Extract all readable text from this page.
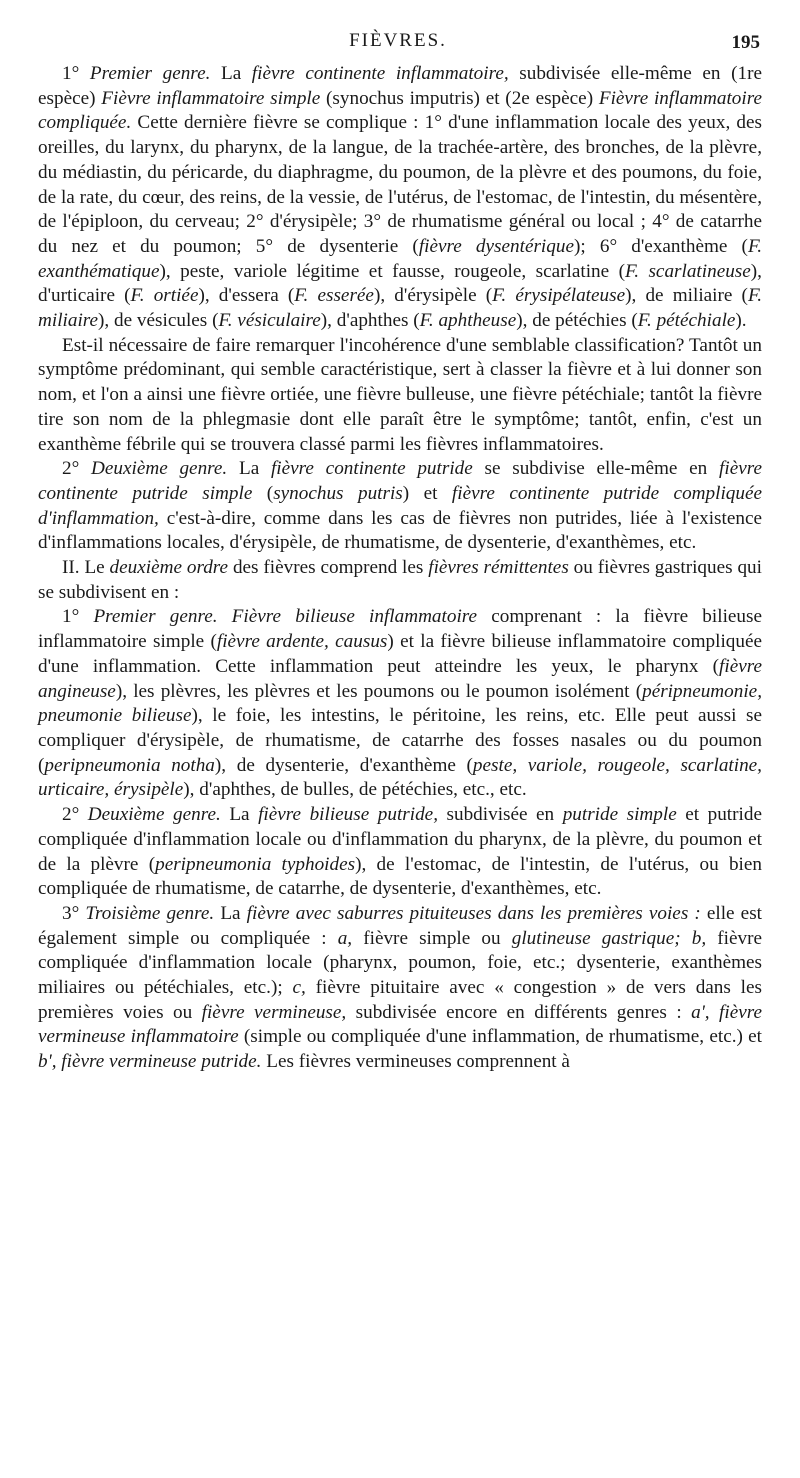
FIÈVRES.	195

1° Premier genre. La fièvre continente inflammatoire, subdivisée elle-même en (1re espèce) Fièvre inflammatoire simple (synochus imputris) et (2e espèce) Fièvre inflammatoire compliquée. Cette dernière fièvre se complique : 1° d'une inflammation locale des yeux, des oreilles, du larynx, du pharynx, de la langue, de la trachée-artère, des bronches, de la plèvre, du médiastin, du péricarde, du diaphragme, du poumon, de la plèvre et des poumons, du foie, de la rate, du cœur, des reins, de la vessie, de l'utérus, de l'estomac, de l'intestin, du mésentère, de l'épiploon, du cerveau; 2° d'érysipèle; 3° de rhumatisme général ou local ; 4° de catarrhe du nez et du poumon; 5° de dysenterie (fièvre dysentérique); 6° d'exanthème (F. exanthématique), peste, variole légitime et fausse, rougeole, scarlatine (F. scarlatineuse), d'urticaire (F. ortiée), d'essera (F. esserée), d'érysipèle (F. érysipélateuse), de miliaire (F. miliaire), de vésicules (F. vésiculaire), d'aphthes (F. aphtheuse), de pétéchies (F. pétéchiale).

Est-il nécessaire de faire remarquer l'incohérence d'une semblable classification? Tantôt un symptôme prédominant, qui semble caractéristique, sert à classer la fièvre et à lui donner son nom, et l'on a ainsi une fièvre ortiée, une fièvre bulleuse, une fièvre pétéchiale; tantôt la fièvre tire son nom de la phlegmasie dont elle paraît être le symptôme; tantôt, enfin, c'est un exanthème fébrile qui se trouvera classé parmi les fièvres inflammatoires.

2° Deuxième genre. La fièvre continente putride se subdivise elle-même en fièvre continente putride simple (synochus putris) et fièvre continente putride compliquée d'inflammation, c'est-à-dire, comme dans les cas de fièvres non putrides, liée à l'existence d'inflammations locales, d'érysipèle, de rhumatisme, de dysenterie, d'exanthèmes, etc.

II. Le deuxième ordre des fièvres comprend les fièvres rémittentes ou fièvres gastriques qui se subdivisent en :

1° Premier genre. Fièvre bilieuse inflammatoire comprenant : la fièvre bilieuse inflammatoire simple (fièvre ardente, causus) et la fièvre bilieuse inflammatoire compliquée d'une inflammation. Cette inflammation peut atteindre les yeux, le pharynx (fièvre angineuse), les plèvres, les plèvres et les poumons ou le poumon isolément (péripneumonie, pneumonie bilieuse), le foie, les intestins, le péritoine, les reins, etc. Elle peut aussi se compliquer d'érysipèle, de rhumatisme, de catarrhe des fosses nasales ou du poumon (peripneumonia notha), de dysenterie, d'exanthème (peste, variole, rougeole, scarlatine, urticaire, érysipèle), d'aphthes, de bulles, de pétéchies, etc., etc.

2° Deuxième genre. La fièvre bilieuse putride, subdivisée en putride simple et putride compliquée d'inflammation locale ou d'inflammation du pharynx, de la plèvre, du poumon et de la plèvre (peripneumonia typhoides), de l'estomac, de l'intestin, de l'utérus, ou bien compliquée de rhumatisme, de catarrhe, de dysenterie, d'exanthèmes, etc.

3° Troisième genre. La fièvre avec saburres pituiteuses dans les premières voies : elle est également simple ou compliquée : a, fièvre simple ou glutineuse gastrique; b, fièvre compliquée d'inflammation locale (pharynx, poumon, foie, etc.; dysenterie, exanthèmes miliaires ou pétéchiales, etc.); c, fièvre pituitaire avec « congestion » de vers dans les premières voies ou fièvre vermineuse, subdivisée encore en différents genres : a', fièvre vermineuse inflammatoire (simple ou compliquée d'une inflammation, de rhumatisme, etc.) et b', fièvre vermineuse putride. Les fièvres vermineuses comprennent à
